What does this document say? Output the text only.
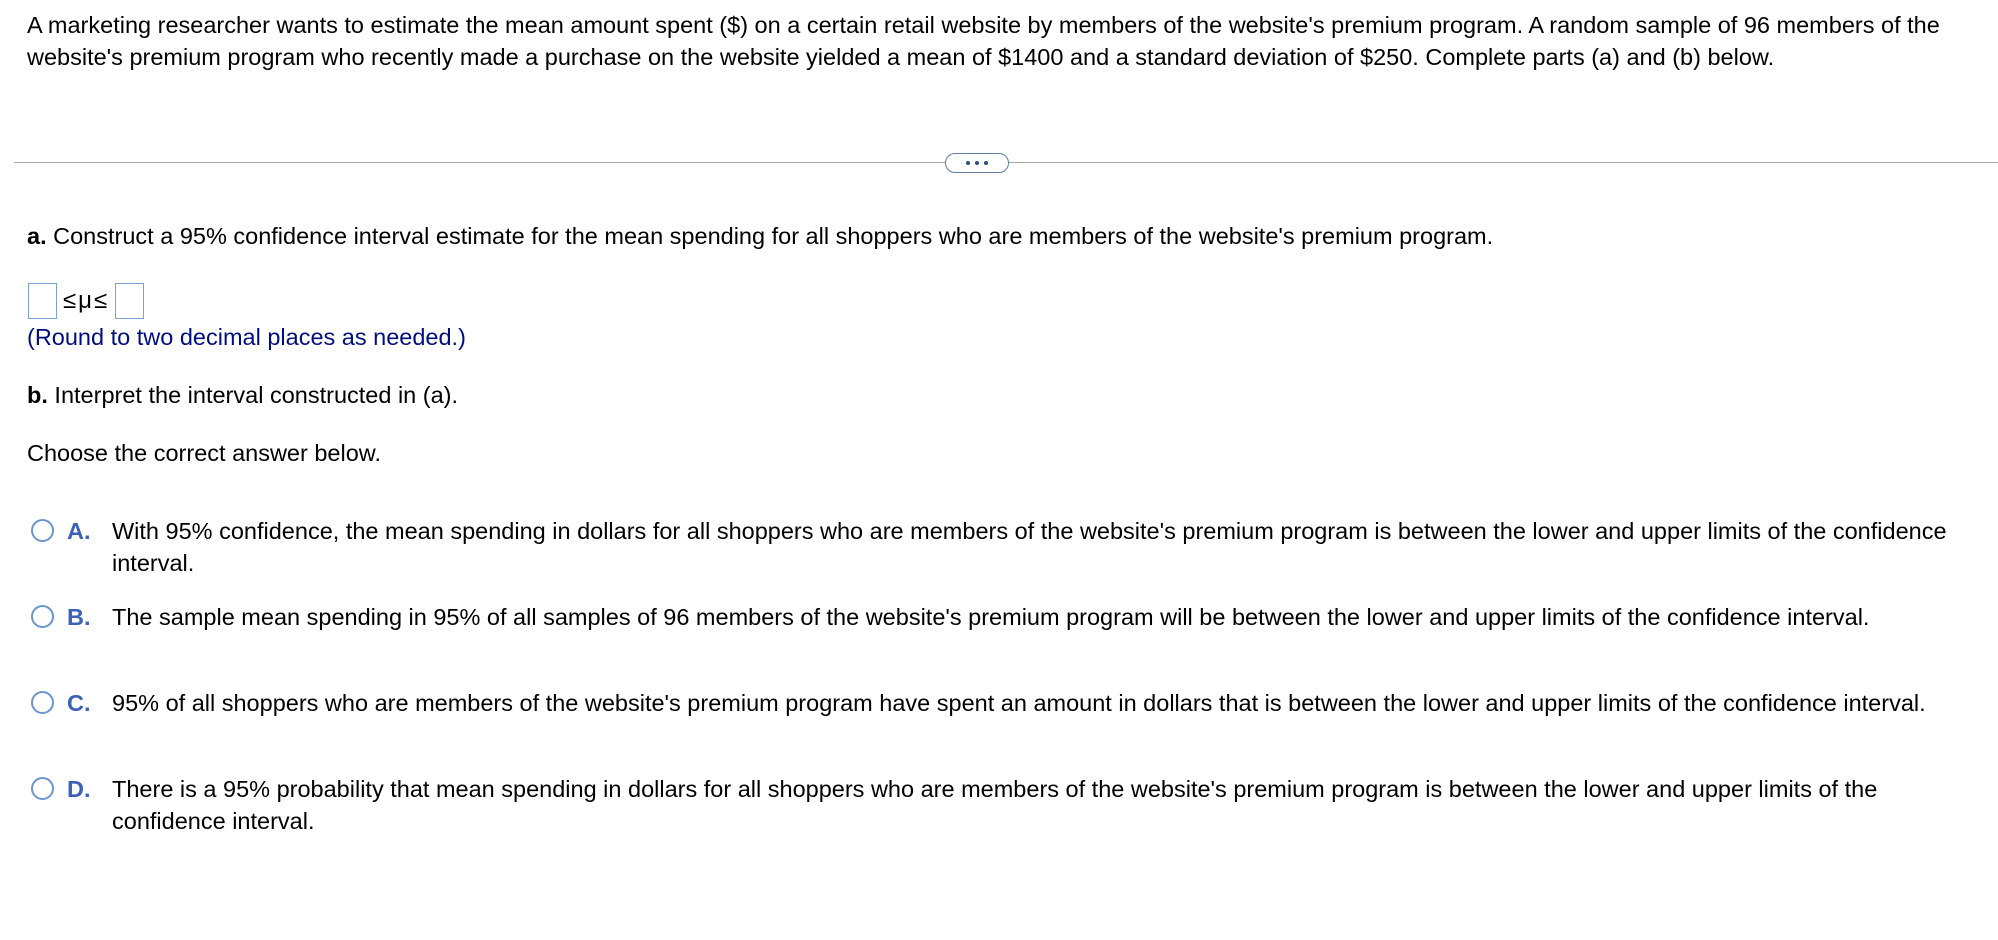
A marketing researcher wants to estimate the mean amount spent ($) on a certain retail website by members of the website's premium program. A random sample of 96 members of the website's premium program who recently made a purchase on the website yielded a mean of $1400 and a standard deviation of $250. Complete parts (a) and (b) below.

a. Construct a 95% confidence interval estimate for the mean spending for all shoppers who are members of the website's premium program.

≤μ≤

(Round to two decimal places as needed.)

b. Interpret the interval constructed in (a).

Choose the correct answer below.

A. With 95% confidence, the mean spending in dollars for all shoppers who are members of the website's premium program is between the lower and upper limits of the confidence interval.
B. The sample mean spending in 95% of all samples of 96 members of the website's premium program will be between the lower and upper limits of the confidence interval.
C. 95% of all shoppers who are members of the website's premium program have spent an amount in dollars that is between the lower and upper limits of the confidence interval.
D. There is a 95% probability that mean spending in dollars for all shoppers who are members of the website's premium program is between the lower and upper limits of the confidence interval.
